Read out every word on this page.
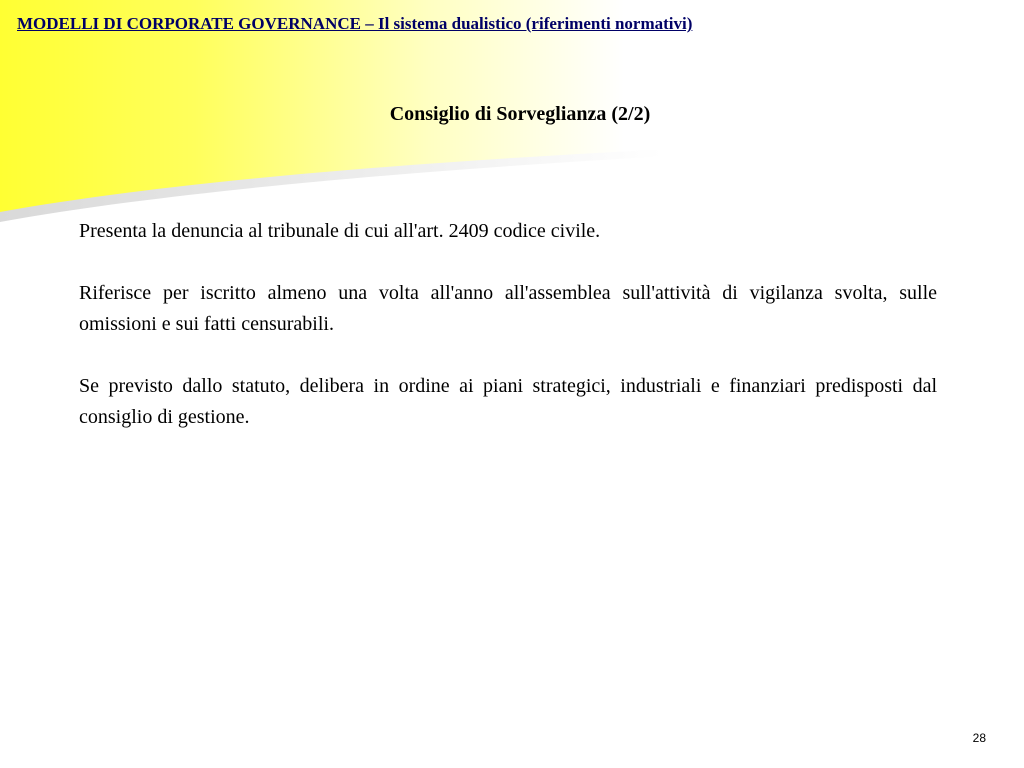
MODELLI DI CORPORATE GOVERNANCE – Il sistema dualistico (riferimenti normativi)
Consiglio di Sorveglianza (2/2)

Presenta la denuncia al tribunale di cui all'art. 2409 codice civile.

Riferisce per iscritto almeno una volta all'anno all'assemblea sull'attività di vigilanza svolta, sulle omissioni e sui fatti censurabili.

Se previsto dallo statuto, delibera in ordine ai piani strategici, industriali e finanziari predisposti dal consiglio di gestione.

28
